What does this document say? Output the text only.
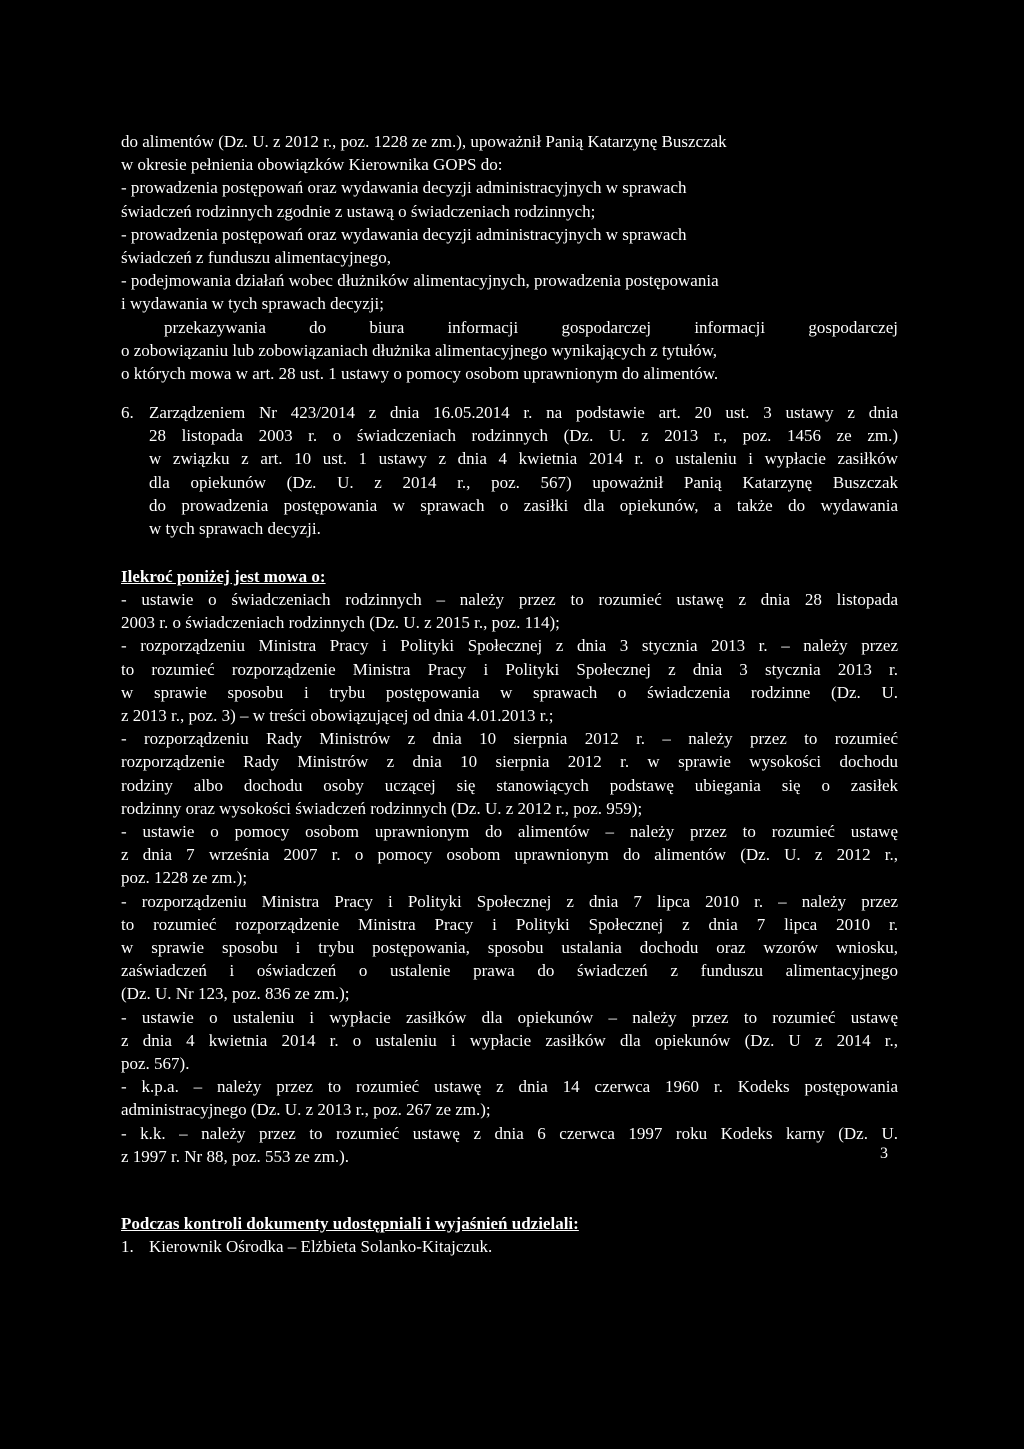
do alimentów (Dz. U. z 2012 r., poz. 1228 ze zm.), upoważnił Panią Katarzynę Buszczak
w okresie pełnienia obowiązków Kierownika GOPS do:
- prowadzenia postępowań oraz wydawania decyzji administracyjnych w sprawach
świadczeń rodzinnych zgodnie z ustawą o świadczeniach rodzinnych;
- prowadzenia postępowań oraz wydawania decyzji administracyjnych w sprawach
świadczeń z funduszu alimentacyjnego,
- podejmowania działań wobec dłużników alimentacyjnych, prowadzenia postępowania
i wydawania w tych sprawach decyzji;
przekazywania do biura informacji gospodarczej informacji gospodarczej
o zobowiązaniu lub zobowiązaniach dłużnika alimentacyjnego wynikających z tytułów,
o których mowa w art. 28 ust. 1 ustawy o pomocy osobom uprawnionym do alimentów.
6. Zarządzeniem Nr 423/2014 z dnia 16.05.2014 r. na podstawie art. 20 ust. 3 ustawy z dnia
28 listopada 2003 r. o świadczeniach rodzinnych (Dz. U. z 2013 r., poz. 1456 ze zm.)
w związku z art. 10 ust. 1 ustawy z dnia 4 kwietnia 2014 r. o ustaleniu i wypłacie zasiłków
dla opiekunów (Dz. U. z 2014 r., poz. 567) upoważnił Panią Katarzynę Buszczak
do prowadzenia postępowania w sprawach o zasiłki dla opiekunów, a także do wydawania
w tych sprawach decyzji.
Ilekroć poniżej jest mowa o:
- ustawie o świadczeniach rodzinnych – należy przez to rozumieć ustawę z dnia 28 listopada
2003 r. o świadczeniach rodzinnych (Dz. U. z 2015 r., poz. 114);
- rozporządzeniu Ministra Pracy i Polityki Społecznej z dnia 3 stycznia 2013 r. – należy przez
to rozumieć rozporządzenie Ministra Pracy i Polityki Społecznej z dnia 3 stycznia 2013 r.
w sprawie sposobu i trybu postępowania w sprawach o świadczenia rodzinne (Dz. U.
z 2013 r., poz. 3) – w treści obowiązującej od dnia 4.01.2013 r.;
- rozporządzeniu Rady Ministrów z dnia 10 sierpnia 2012 r. – należy przez to rozumieć
rozporządzenie Rady Ministrów z dnia 10 sierpnia 2012 r. w sprawie wysokości dochodu
rodziny albo dochodu osoby uczącej się stanowiących podstawę ubiegania się o zasiłek
rodzinny oraz wysokości świadczeń rodzinnych (Dz. U. z 2012 r., poz. 959);
- ustawie o pomocy osobom uprawnionym do alimentów – należy przez to rozumieć ustawę
z dnia 7 września 2007 r. o pomocy osobom uprawnionym do alimentów (Dz. U. z 2012 r.,
poz. 1228 ze zm.);
- rozporządzeniu Ministra Pracy i Polityki Społecznej z dnia 7 lipca 2010 r. – należy przez
to rozumieć rozporządzenie Ministra Pracy i Polityki Społecznej z dnia 7 lipca 2010 r.
w sprawie sposobu i trybu postępowania, sposobu ustalania dochodu oraz wzorów wniosku,
zaświadczeń i oświadczeń o ustalenie prawa do świadczeń z funduszu alimentacyjnego
(Dz. U. Nr 123, poz. 836 ze zm.);
- ustawie o ustaleniu i wypłacie zasiłków dla opiekunów – należy przez to rozumieć ustawę
z dnia 4 kwietnia 2014 r. o ustaleniu i wypłacie zasiłków dla opiekunów (Dz. U z 2014 r.,
poz. 567).
- k.p.a. – należy przez to rozumieć ustawę z dnia 14 czerwca 1960 r. Kodeks postępowania
administracyjnego (Dz. U. z 2013 r., poz. 267 ze zm.);
- k.k. – należy przez to rozumieć ustawę z dnia 6 czerwca 1997 roku Kodeks karny (Dz. U.
z 1997 r. Nr 88, poz. 553 ze zm.).
Podczas kontroli dokumenty udostępniali i wyjaśnień udzielali:
1. Kierownik Ośrodka – Elżbieta Solanko-Kitajczuk.
3
